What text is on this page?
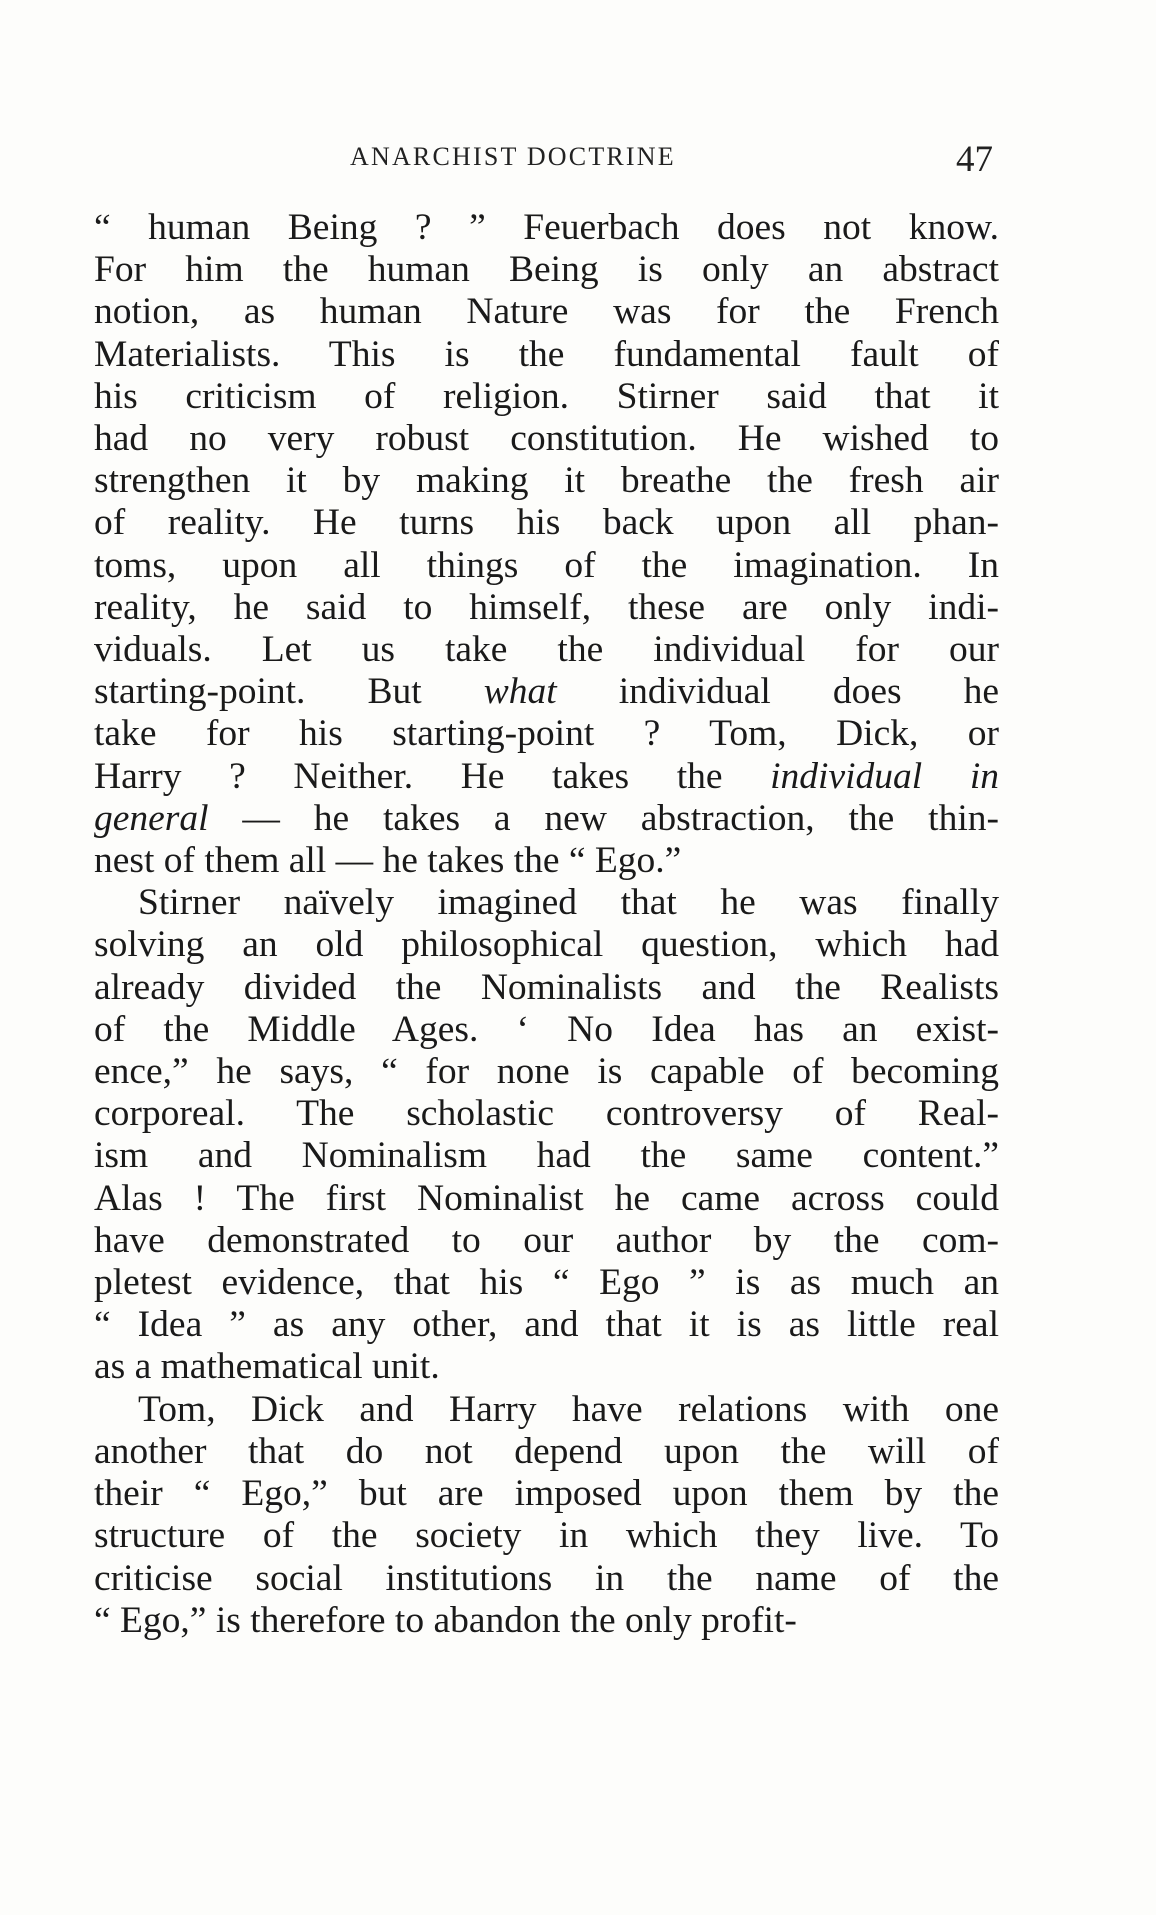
ANARCHIST DOCTRINE	47
“ human Being ? ” Feuerbach does not know.
For him the human Being is only an abstract
notion, as human Nature was for the French
Materialists. This is the fundamental fault of
his criticism of religion. Stirner said that it
had no very robust constitution. He wished to
strengthen it by making it breathe the fresh air
of reality. He turns his back upon all phan-
toms, upon all things of the imagination. In
reality, he said to himself, these are only indi-
viduals. Let us take the individual for our
starting-point. But what individual does he
take for his starting-point ? Tom, Dick, or
Harry ? Neither. He takes the individual in
general — he takes a new abstraction, the thin-
nest of them all — he takes the “ Ego.”
Stirner naïvely imagined that he was finally
solving an old philosophical question, which had
already divided the Nominalists and the Realists
of the Middle Ages. ‘ No Idea has an exist-
ence,” he says, “ for none is capable of becoming
corporeal. The scholastic controversy of Real-
ism and Nominalism had the same content.”
Alas ! The first Nominalist he came across could
have demonstrated to our author by the com-
pletest evidence, that his “ Ego ” is as much an
“ Idea ” as any other, and that it is as little real
as a mathematical unit.
Tom, Dick and Harry have relations with one
another that do not depend upon the will of
their “ Ego,” but are imposed upon them by the
structure of the society in which they live. To
criticise social institutions in the name of the
“ Ego,” is therefore to abandon the only profit-
